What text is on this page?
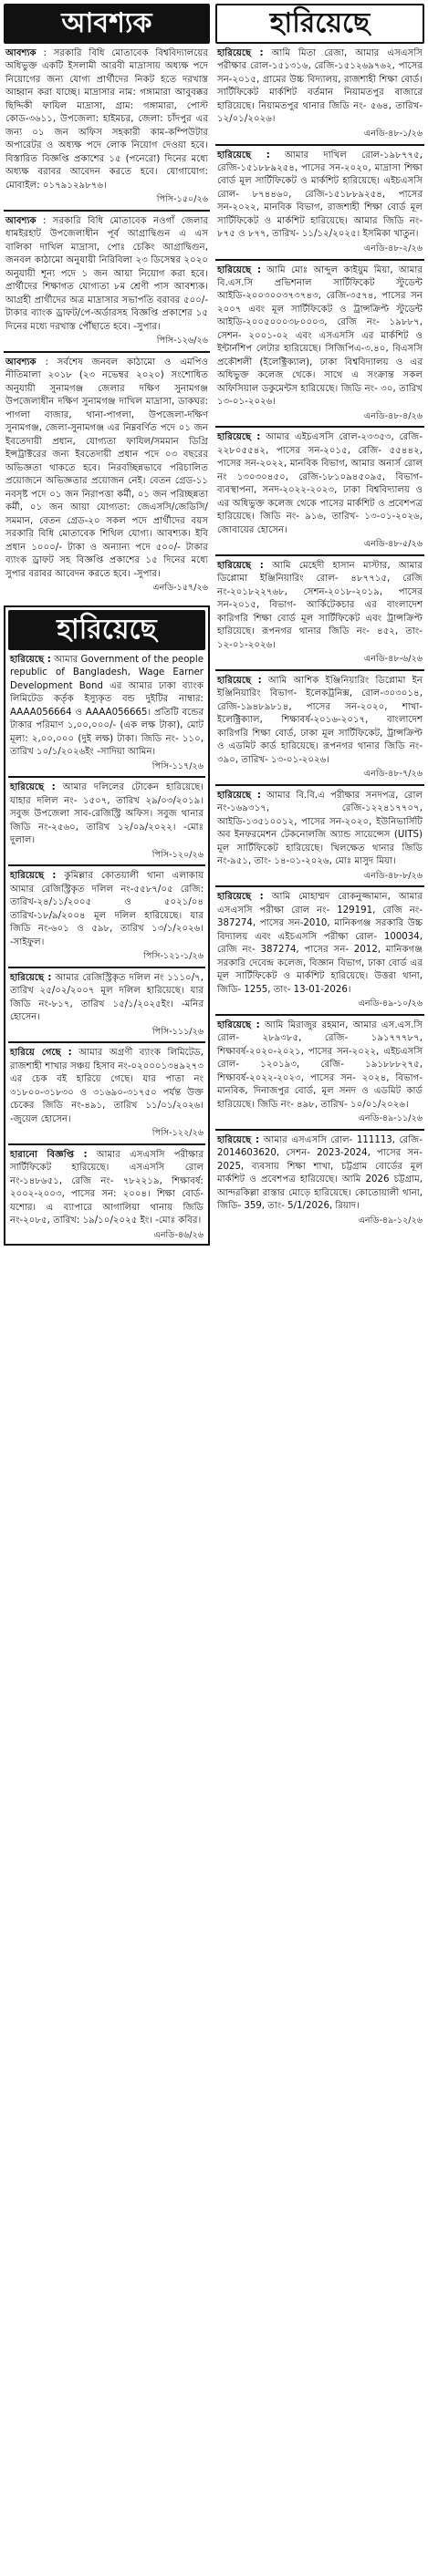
আবশ্যক
আবশ্যক : সরকারি বিধি মোতাবেক বিশ্ববিদ্যালয়ের অধিভুক্ত একটি ইসলামী আরবী মাদ্রাসায় অধ্যক্ষ পদে নিয়োগের জন্য যোগ্য প্রার্থীদের নিকট হতে দরখাস্ত আহ্বান করা যাচ্ছে। মাদ্রাসার নাম: গঙ্গামারা আবুবক্কর ছিদ্দিকী ফাযিল মাদ্রাসা, গ্রাম: গঙ্গামারা, পোস্ট কোড-৩৬১১, উপজেলা: হাইমচর, জেলা: চাঁদপুর এর জন্য ০১ জন অফিস সহকারী কাম-কম্পিউটার অপারেটর ও অধ্যক্ষ পদে লোক নিয়োগ দেওয়া হবে। বিস্তারিত বিজ্ঞপ্তি প্রকাশের ১৫ (পনেরো) দিনের মধ্যে অধ্যক্ষ বরাবর আবেদন করতে হবে। যোগাযোগ: মোবাইল: ০১৭৯১২৯৮৭৬।
পিসি-১৫০/২৬
আবশ্যক : সরকারি বিধি মোতাবেক নওগাঁ জেলার ধামইরহাট উপজেলাধীন পূর্ব আগ্রাদ্বিগুন এ এস বালিকা দাখিল মাদ্রাসা, পোঃ চেকিং আগ্রাদ্বিগুন, জনবল কাঠামো অনুযায়ী নিরিবিলা ২৩ ডিসেম্বর ২০২০ অনুযায়ী শূন্য পদে ১ জন আয়া নিয়োগ করা হবে। প্রার্থীদের শিক্ষাগত যোগ্যতা ৮ম শ্রেণী পাস আবশ্যক। আগ্রহী প্রার্থীদের অত্র মাদ্রাসার সভাপতি বরাবর ৫০০/- টাকার ব্যাংক ড্রাফট/পে-অর্ডারসহ বিজ্ঞপ্তি প্রকাশের ১৫ দিনের মধ্যে দরখাস্ত পৌঁছাতে হবে। -সুপার।
পিসি-১২৬/২৬
আবশ্যক : সর্বশেষ জনবল কাঠামো ও এমপিও নীতিমালা ২০১৮ (২৩ নভেম্বর ২০২০) সংশোধিত অনুযায়ী সুনামগঞ্জ জেলার দক্ষিণ সুনামগঞ্জ উপজেলাধীন দক্ষিণ সুনামগঞ্জ দাখিল মাদ্রাসা, ডাকঘর: পাগলা বাজার, থানা-পাগলা, উপজেলা-দক্ষিণ সুনামগঞ্জ, জেলা-সুনামগঞ্জ এর নিম্নবর্ণিত পদে ০১ জন ইবতেদায়ী প্রধান, যোগ্যতা ফাযিল/সমমান ডিগ্রি ইন্সট্রাক্টরের জন্য ইবতেদায়ী প্রধান পদে ০৩ বছরের অভিজ্ঞতা থাকতে হবে। নিরবচ্ছিন্নভাবে পরিচালিত প্রয়োজনে অভিজ্ঞতার প্রয়োজন নেই। বেতন গ্রেড-১১ নবসৃষ্ট পদে ০১ জন নিরাপত্তা কর্মী, ০১ জন পরিচ্ছন্নতা কর্মী, ০১ জন আয়া যোগ্যতা: জেএসসি/জেডিসি/সমমান, বেতন গ্রেড-২০ সকল পদে প্রার্থীদের বয়স সরকারি বিধি মোতাবেক শিথিল যোগ্য। আবশ্যক। ইবি প্রধান ১০০০/- টাকা ও অন্যান্য পদে ৫০০/- টাকার ব্যাংক ড্রাফট সহ বিজ্ঞপ্তি প্রকাশের ১৫ দিনের মধ্যে সুপার বরাবর আবেদন করতে হবে। -সুপার।
এনডি-১৫৭/২৬
হারিয়েছে
হারিয়েছে : আমার Government of the people republic of Bangladesh, Wage Earner Development Bond এর আমার ঢাকা ব্যাংক লিমিটেড কর্তৃক ইস্যুকৃত বন্ড দুইটির নাম্বার: AAAA056664 ও AAAA056665। প্রতিটি বন্ডের টাকার পরিমাণ ১,০০,০০০/- (এক লক্ষ টাকা), মোট মূল্য: ২,০০,০০০ (দুই লক্ষ) টাকা। জিডি নং- ১১০, তারিখ ১০/১/২০২৬ইং -সাদিয়া আমিন।
পিসি-১১৭/২৬
হারিয়েছে : আমার দলিলের টোকেন হারিয়েছে। যাহার দলিল নং- ১৫০৭, তারিখ ২৯/০৩/২০১৯। সবুজ উপজেলা সাব-রেজিস্ট্রি অফিস। সবুজ থানার জিডি নং-২৫৬০, তারিখ ১২/০৯/২০২২। -মোঃ দুলাল।
পিসি-১২০/২৬
হারিয়েছে : কুমিল্লার কোতয়ালী থানা এলাকায় আমার রেজিস্ট্রিকৃত দলিল নং-৫৫৮৭/০৫ রেজি: তারিখ-২৪/১১/২০০৫ ও ৫০২১/০৪ তারিখ-১৮/৯/২০০৪ মূল দলিল হারিয়েছে। যার জিডি নং-৬০১ ও ৫৯৮, তারিখ ১৩/১/২০২৬। -সাইফুল।
পিসি-১২১-১/২৬
হারিয়েছে : আমার রেজিস্ট্রিকৃত দলিল নং ১১১০/৭, তারিখ ২৫/০২/২০০৭ মূল দলিল হারিয়েছে। যার জিডি নং-৮১৭, তারিখ ১৫/১/২০২৫ইং। -মনির হোসেন।
পিসি-১১১/২৬
হারিয়ে গেছে : আমার অগ্রণী ব্যাংক লিমিটেড, রাজশাহী শাখার সঞ্চয় হিসাব নং-০২০০০১৩৪৯২৭৩ এর চেক বই হারিয়ে গেছে। যার পাতা নং ৩১৮০০-৩১৮৩০ ও ৩১৬৯০-৩১৭৫০ পর্যন্ত উক্ত চেকের জিডি নং-৪৯১, তারিখ ১১/০১/২০২৬। -জুয়েল হোসেন।
পিসি-১২২/২৬
হারানো বিজ্ঞপ্তি : আমার এসএসসি পরীক্ষার সার্টিফিকেট হারিয়েছে। এসএসসি রোল নং-১৪৮৬৫১, রেজি নং- ৭৮২২১৯, শিক্ষাবর্ষ: ২০০২-২০০৩, পাসের সন: ২০০৪। শিক্ষা বোর্ড- যশোর। এ ব্যাপারে আগালিয়া থানায় জিডি নং-২০৮৫, তারিখ: ১৯/১০/২০২৫ ইং। -মোঃ কবির।
এনডি-৪৬/২৬
হারিয়েছে
হারিয়েছে : আমি মিতা রেজা, আমার এসএসসি পরীক্ষার রোল-১৫১৩১৬, রেজি-১৫১২৬৯৭৬২, পাসের সন-২০১৫, গ্রামের উচ্চ বিদ্যালয়, রাজশাহী শিক্ষা বোর্ড। সার্টিফিকেট মার্কশিট বর্তমান নিয়ামতপুর বাজারে হারিয়েছে। নিয়ামতপুর থানার জিডি নং- ৫৬৪, তারিখ- ১২/০১/২০২৬।
এনডি-৪৮-১/২৬
হারিয়েছে : আমার দাখিল রোল-১৯৮৭৭৫, রেজি-১৫১৮৮৯২৫৪, পাসের সন-২০২০, মাদ্রাসা শিক্ষা বোর্ড মূল সার্টিফিকেট ও মার্কশিট হারিয়েছে। এইচএসসি রোল- ৮৭৪৪৬০, রেজি-১৫১৮৮৯২৫৪, পাসের সন-২০২২, মানবিক বিভাগ, রাজশাহী শিক্ষা বোর্ড মূল সার্টিফিকেট ও মার্কশিট হারিয়েছে। আমার জিডি নং- ৮৭৫ ও ৮৭৭, তারিখ- ১১/১২/২০২৫। ইসমিকা খাতুন।
এনডি-৪৮-২/২৬
হারিয়েছে : আমি মোঃ আব্দুল কাইয়ুম মিয়া, আমার বি.এস.সি প্রভিশনাল সার্টিফিকেট স্টুডেন্ট আইডি-২০০৩০০৩৭৩৭৪৩, রেজি-৩৫৭৪, পাসের সন ২০০৭ এবং মূল সার্টিফিকেট ও ট্রান্সক্রিপ্ট স্টুডেন্ট আইডি-২০০৫০০০৩৮০০০৩, রেজি নং- ১৯৮৮৭, সেশন- ২০০১-০২ এবং এসএসসি এর মার্কশিট ও ইন্টার্নশিপ লেটার হারিয়েছে। সিজিপিএ-৩.৪০, বিএসসি প্রকৌশলী (ইলেক্ট্রিক্যাল), ঢাকা বিশ্ববিদ্যালয় ও এর অধিভুক্ত কলেজ থেকে। সাথে এ সংক্রান্ত সকল অফিসিয়াল ডকুমেন্টস হারিয়েছে। জিডি নং- ৩০, তারিখ ১৩-০১-২০২৬।
এনডি-৪৮-৪/২৬
হারিয়েছে : আমার এইচএসসি রোল-২৩৩৫৩, রেজি- ২২৮০৫৫৪২, পাসের সন-২০১৫, রেজি- ৫৫৪৪২, পাসের সন-২০২২, মানবিক বিভাগ, আমার অনার্স রোল নং ১৩০৩০৪৫০, রেজি-১৮১০৯৪৫০৯৫, বিভাগ-ব্যবস্থাপনা, সনদ-২০২২-২০২৩, ঢাকা বিশ্ববিদ্যালয় ও এর অধিভুক্ত কলেজ থেকে পাসের মার্কশিট ও প্রবেশপত্র হারিয়েছে। জিডি নং- ৯১৬, তারিখ- ১৩-০১-২০২৬, জোবায়ের হোসেন।
এনডি-৪৮-৫/২৬
হারিয়েছে : আমি মেহেদী হাসান মাস্টার, আমার ডিপ্লোমা ইঞ্জিনিয়ারিং রোল- ৪৮৭৭১৫, রেজি নং-২০১৮২২৭৬৮, সেশন-২০১৮-২০১৯, পাসের সন-২০১৫, বিভাগ- আর্কিটেকচার এর বাংলাদেশ কারিগরি শিক্ষা বোর্ড মূল সার্টিফিকেট এবং ট্রান্সক্রিপ্ট হারিয়েছে। রূপনগর থানার জিডি নং- ৪৫২, তাং- ১২-০১-২০২৬।
এনডি-৪৮-৬/২৬
হারিয়েছে : আমি আশিক ইঞ্জিনিয়ারিং ডিপ্লোমা ইন ইঞ্জিনিয়ারিং বিভাগ- ইলেকট্রনিক্স, রোল-৩০৩০১৪, রেজি-১৯৪৮৯৮১৪, পাসের সন-২০২০, শাখা- ইলেক্ট্রিক্যাল, শিক্ষাবর্ষ-২০১৬-২০১৭, বাংলাদেশ কারিগরি শিক্ষা বোর্ড, ঢাকা মূল সার্টিফিকেট, ট্রান্সক্রিপ্ট ও এডমিট কার্ড হারিয়েছে। রূপনগর থানার জিডি নং- ৩৯০, তারিখ- ১৩-০১-২০২৬।
এনডি-৪৮-৭/২৬
হারিয়েছে : আমার বি.বি.এ পরীক্ষার সনদপত্র, রোল নং-১৬৯৩১৭, রেজি-১২২৪১৭৭০৭, আইডি-১৩৫১০০১২, পাসের সন-২০২০, ইউনিভার্সিটি অব ইনফরমেশন টেকনোলজি অ্যান্ড সায়েন্সেস (UITS) মূল সার্টিফিকেট হারিয়েছে। খিলক্ষেত থানার জিডি নং-৯৫১, তাং- ১৪-০১-২০২৬, মোঃ মাসুদ মিয়া।
এনডি-৪৮-৮/২৬
হারিয়েছে : আমি মোহাম্মদ রোকনুজ্জামান, আমার এসএসসি পরীক্ষা রোল নং- 129191, রেজি নং- 387274, পাসের সন-2010, মানিকগঞ্জ সরকারি উচ্চ বিদ্যালয় এবং এইচএসসি পরীক্ষা রোল- 100034, রেজি নং- 387274, পাসের সন- 2012, মানিকগঞ্জ সরকারি দেবেন্দ্র কলেজ, বিজ্ঞান বিভাগ, ঢাকা বোর্ড এর মূল সার্টিফিকেট ও মার্কশিট হারিয়েছে। উত্তরা থানা, জিডি- 1255, তাং- 13-01-2026।
এনডি-৪৯-১০/২৬
হারিয়েছে : আমি মিরাজুর রহমান, আমার এস.এস.সি রোল- ২৮৯৩৮৫, রেজি- ১৯১৭৭৭৮৭, শিক্ষাবর্ষ-২০২০-২০২১, পাসের সন-২০২২, এইচএসসি রোল- ১২০১৯৩, রেজি- ১৯১৮৮৮২৭৫, শিক্ষাবর্ষ-২০২২-২০২৩, পাসের সন- ২০২৪, বিভাগ- মানবিক, দিনাজপুর বোর্ড, মূল সনদ ও এডমিট কার্ড হারিয়েছে। জিডি নং- ৪৯৮, তারিখ- ১০/০১/২০২৬।
এনডি-৪৯-১১/২৬
হারিয়েছে : আমার এসএসসি রোল- 111113, রেজি- 2014603620, সেশন- 2023-2024, পাসের সন- 2025, ব্যবসায় শিক্ষা শাখা, চট্টগ্রাম বোর্ডের মূল মার্কশিট ও প্রবেশপত্র হারিয়েছে। আমি 2026 চট্টগ্রাম, আন্দরকিল্লা রাস্তার মোড়ে হারিয়েছে। কোতোয়ালী থানা, জিডি- 359, তাং- 5/1/2026, রিয়াদ।
এনডি-৪৯-১২/২৬
